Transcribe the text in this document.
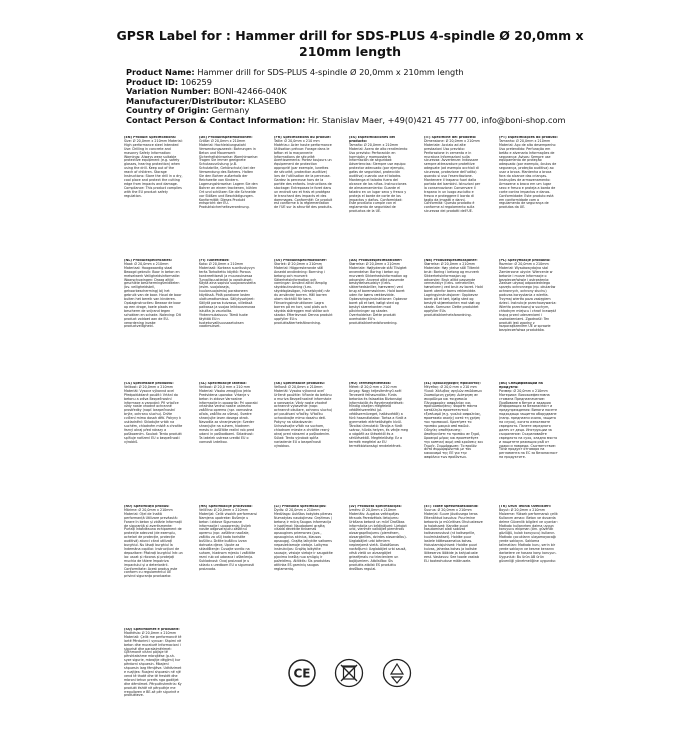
GPSR Label for : Hammer drill for SDS-PLUS 4-spindle Ø 20,0mm x 210mm length
Product Name: Hammer drill for SDS-PLUS 4-spindle Ø 20,0mm x 210mm length
Product ID: 106259
Variation Number: BONI-42466-040K
Manufacturer/Distributor: KLASEBO
Country of Origin: Germany
Contact Person & Contact Information: Hr. Stanislav Maer, +49(0)421 45 777 00, info@boni-shop.com
(EN) Product Specifications:
Size: Ø 20,0mm x 210mm Material: High performance steel Intended Use: Drilling in concrete and masonry Safety Information: Warnings: Always wear suitable protective equipment (e.g. safety glasses, hearing protection) when using the drill. Keep out of the reach of children. Storage Instructions: Store the drill in a dry, cool place and protect the cutting edge from impacts and damage. Compliance: This product complies with the EU product safety regulation.
(DE) Produktspezifikationen:
Größe: Ø 20,0mm x 210mm Material: Hochleistungsstahl Verwendungszweck: Bohrungen in Beton und Mauerwerk Sicherheitshinweise: Warnhinweise: Tragen Sie immer geeignete Schutzausrüstung (z.B. Schutzbrille, Gehörschutz) bei der Verwendung des Bohrers. Halten Sie den Bohrer außerhalb der Reichweite von Kindern. Lagerungshinweise: Lagern Sie den Bohrer an einem trockenen, kühlen Ort und schützen Sie die Schneide vor Stößen und Beschädigungen. Konformität: Dieses Produkt entspricht der EU-Produktsicherheitsverordnung.
(FR) Spécifications du produit:
Taille: Ø 20,0mm x 210 mm Matériau: Acier haute performance Utilisation prévue: Forage dans le béton et la maçonnerie Informations de sécurité: Avertissements: Portez toujours un équipement de protection approprié (par exemple, lunettes de sécurité, protection auditive) lors de l'utilisation de la perceuse. Gardez la perceuse hors de la portée des enfants. Instructions de stockage: Entreposez le foret dans un endroit sec et frais et protégez le tranchant des impacts et des dommages. Conformité: Ce produit est conforme à la réglementation de l'UE sur la sécurité des produits.
(ES) Especificaciones del producto:
Tamaño: Ø 20,0mm x 210mm Material: Acero de alto rendimiento Uso previsto: Perforación en hormigón y mampostería Información de seguridad: Advertencias: Siempre use equipo protector adecuado (por ejemplo, gafas de seguridad, protección auditiva) cuando use el taladro. Mantenga el taladro fuera del alcance de los niños. Instrucciones de almacenamiento: Guarde el taladro en un lugar seco y fresco y proteja el borde de corte de los impactos y daños. Conformidad: Este producto cumple con el reglamento de seguridad de productos de la UE.
(IT) Specifiche del prodotto:
Dimensione: Ø 20,0mm x 210mm Materiale: Acciaio ad alte prestazioni Uso previsto: Perforazione in cemento e in muratura Informazioni sulla sicurezza: Avvertenze: Indossare sempre attrezzature protettive adeguate (ad esempio occhiali di sicurezza, protezione dell'udito) quando si usa l'esercitazione. Mantenere il trapano fuori dalla portata dei bambini. Istruzioni per la conservazione: Conservare il trapano in un luogo asciutto e fresco e proteggere il bordo di taglio da impatti e danni. Conformità: Questo prodotto è conforme al regolamento sulla sicurezza dei prodotti dell'UE.
(PT) Especificações do produto:
Tamanho: Ø 20,0mm x 210mm Material: Aço de alto desempenho Uso pretendido: Perfuração em betão e alvenaria Informações de segurança: Avisos: Sempre use equipamento de proteção adequado (por exemplo, óculos de segurança, proteção auditiva) ao usar a broca. Mantenha a broca fora do alcance das crianças. Instruções de armazenamento: Armazene a broca em um lugar seco e fresco e proteja a borda de corte contra impactos e danos. Conformidade: Este produto está em conformidade com o regulamento de segurança de produtos da UE.
(NL) Productspecificaties:
Maat: Ø 20,0mm x 210mm Materiaal: Hoogwaardig staal Beoogd gebruik: Boor in beton en metselwerk Veiligheidsinformatie: Waarschuwingen: Draag altijd geschikte beschermingsmiddelen (bv. veiligheidsbril, gehoorbescherming) bij het gebruik van de boor. Houd de boor buiten het bereik van kinderen. Opslaginstructies: Bewaar de boor op een droge, koele plaats en bescherm de snijrand tegen schokken en schade. Naleving: Dit product voldoet aan de EU-verordening inzake productveiligheid.
(FI) Tuotetiedot:
Koko: Ø 20,0mm x 210mm Materiaali: Korkean suorituskyvyn teräs Tarkoitettu käyttö: Poraus konkreettisesti ja muurauksessa Turvallisuustiedot ja varoitukset: Käytä aina sopivia suojavarusteita (esim. suojalaseja, kuulonsuojaimia) porakoneen käytössä. Pidä porakone lasten ulottumattomissa. Säilytysohjeet: Säilytä poraa kuivassa, viileässä paikassa ja suojaa leikkausreunaa iskuilta ja vaurioilta. Yhdenmukaisuus: Tämä tuote täyttää EU:n tuoteturvallisuusasetuksen vaatimukset.
(SV) Produktspecifikationer:
Storlek: Ø 20,0mm x 210mm Material: Högpresterande stål Avsedd användning: Borrning i betong och murverk Säkerhetsinformation och varningar: Använd alltid lämplig skyddsutrustning (t.ex. skyddsglasögon, hörselskydd) när du använder borren. Håll borren utom räckhåll för barn. Förvaringsinstruktioner: Lagra borren på en torr, sval plats och skydda skäreggen mot stötar och skador. Efterlevnad: Denna produkt uppfyller EU:s produktsäkerhetsförordning.
(DA) Produktspecifikationer:
Størrelse: Ø 20,0mm x 210mm Materiale: Højtydende stål Tilsigtet anvendelse: Boring i beton og murværk Sikkerhedsinformation og advarsler: Anvend altid passende beskyttelsesudstyr (f.eks. sikkerhedsbriller, høreværn) ved brug af boremaskinen. Hold boret uden for børns rækkevidde. Opbevaringsinstruktioner: Opbevar boret på et tørt, køligt sted og beskyt skærekanten mod påvirkninger og skader. Overholdelse: Dette produkt overholder EU's produktsikkerhedsforordning.
(NB) Produktspesifikasjoner:
Størrelse: Ø 20,0mm x 210mm Materiale: Høy ytelse stål Tiltenkt bruk: Boring i betong og murverk Sikkerhetsinformasjon og advarsler: Bruk alltid passende verneutstyr (f.eks. vernebriller, hørselvern) ved bruk av boret. Hold boret utenfor barns rekkevidde. Lagringsinstruksjoner: Oppbevar boret på et tørt, kjølig sted og beskytt skjærekanten mot støt og skade. Samsvar: Dette produktet oppfyller EUs produktsikkerhetsforordning.
(PL) Specyfikacje produktu:
Rozmiar: Ø 20,0mm x 210mm Materiał: Wysokowydajna stal Zamierzone użycie: Wiercenie w betonie i murze Informacje o bezpieczeństwie i ostrzeżenia: Zawsze używaj odpowiedniego sprzętu ochronnego (np. okularów ochronnych, ochrony słuchu) podczas korzystania z wiertła. Trzymaj wiertło poza zasięgiem dzieci. Instrukcje przechowywania: Wiertło przechowuj w suchym, chłodnym miejscu i chroń krawędź tnącą przed uderzeniami i uszkodzeniami. Zgodność: Ten produkt jest zgodny z rozporządzeniem UE w sprawie bezpieczeństwa produktów.
(CS) Specifikace produktu:
Velikost: Ø 20,0mm x 210mm Materiál: Vysoce výkonná ocel Předpokládané použití: Vrtání do betonu a zdiva Bezpečnostní informace a varování: Při vrtačce vždy noste vhodné ochranné prostředky (např. bezpečnostní brýle, ochranu sluchu). Držte cvičení mimo dosah dětí. Pokyny k uskladnění: Skladujte vrták na suchém, chladném místě a chraňte řezný okraj před nárazy a poškozením. Soulad: Tento produkt splňuje nařízení EU o bezpečnosti výrobků.
(SL) Specifikacije izdelka:
Velikost: Ø 20,0 mm x 210 mm Material: Visoko zmogljivo jeklo Predvidena uporaba: Vrtanje v beton in zidove Varnostne informacije in opozorila: Pri uporabi vrtalnika vedno nosite ustrezno zaščitno opremo (npr. varnostna očala, zaščito za ušesa). Svedre shranjujte izven dosega otrok. Navodila za shranjevanje: Sveder shranjujte na suhem, hladnem mestu in zaščitite rezilni rob pred udarci in poškodbami. Skladnost: Ta izdelek ustreza uredbi EU o varnosti izdelkov.
(SK) Špecifikácie produktu:
Veľkosť: Ø 20,0mm x 210mm Materiál: Vysoko výkonná oceľ Určené použitie: Vŕtanie do betónu a muriva Bezpečnostné informácie a varovania: Vždy noste vhodné ochranné vybavenie (napr. ochranné okuliare, ochranu sluchu) pri používaní vŕtačky. Vŕtačku uchovávajte mimo dosahu detí. Pokyny na skladovanie: Uchovávajte vŕták na suchom, chladnom mieste a chráňte rezný okraj pred nárazmi a poškodením. Súlad: Tento výrobok spĺňa nariadenie EÚ o bezpečnosti výrobkov.
(HU) Termékjellemzők:
Méret: Ø 20,0 mm x 210 mm Anyag: Nagy teljesítményű acél Tervezett felhasználás: Fúrás betonba és falazatba Biztonsági információk és figyelmeztetések: Mindig viseljen megfelelő védőfelszerelést (pl. védőszemüveget, hallásvédőt) a fúró használatakor. Tartsa a fúrót a gyermekek elérhetőségén kívül. Tárolási útmutató: Tárolja a fúrót száraz, hűvös helyen, és védje meg a vágóélt az ütésektől és a sérülésektől. Megfelelőség: Ez a termék megfelel az EU termékbiztonsági rendeletének.
(EL) Προδιαγραφές προϊόντος:
Μέγεθος: Ø 20,0 mm x 210 mm Υλικό: Χάλυβας υψηλών επιδόσεων Σκοπούμενη χρήση: Διάτρηση σε σκυρόδεμα και τοιχοποιία Πληροφορίες ασφαλείας και προειδοποιήσεις: Φοράτε πάντα κατάλληλο προστατευτικό εξοπλισμό (π.χ. γυαλιά ασφαλείας, προστασία ακοής) κατά τη χρήση του τρυπανιού. Κρατήστε το τρυπάνι μακριά από παιδιά. Οδηγίες αποθήκευσης: Αποθηκεύστε το τρυπάνι σε ξηρό, δροσερό μέρος και προστατέψτε την κοπτική ακμή από κρούσεις και ζημιές. Συμμόρφωση: Το προϊόν αυτό συμμορφώνεται με τον κανονισμό της ΕΕ για την ασφάλεια των προϊόντων.
(BG) Спецификации на продукта:
Размер: Ø 20,0mm x 210mm Материал: Високоефективна стомана Предназначение: Пробиване в бетон и зидария Информация за безопасност и предупреждения: Винаги носете подходящо защитно оборудване (напр. предпазни очила, защита на слуха), когато използвате свредлото. Пазете свредлото далеч от деца. Инструкции за съхранение: Съхранявайте свредлото на сухо, хладно място и защитете режещия ръб от удари и повреди. Съответствие: Този продукт отговаря на регламента на ЕС за безопасност на продуктите.
(RO) Specificații produs:
Mărime: Ø 20,0mm x 210mm Material: Oțel de înaltă performanță Utilizare prevăzută: Forare în beton și zidărie Informații de siguranță și avertismente: Purtați întotdeauna echipament de protecție adecvat (de exemplu, ochelari de protecție, protecție auditivă) atunci când utilizați burghiul. Nu lăsați burghiul la îndemâna copiilor. Instrucțiuni de depozitare: Păstrați burghiul într-un loc uscat și răcoros și protejați muchia de tăiere împotriva impactului și a deteriorării. Conformitate: Acest produs este conform cu regulamentul UE privind siguranța produselor.
(HR) Specifikacije proizvoda:
Veličina: Ø 20,0mm x 210mm Materijal: Čelik visokih performansi Namjena upotrebe: Bušenje u beton i zidove Sigurnosne informacije i upozorenja: Uvijek nosite odgovarajuću zaštitnu opremu (npr. zaštitne naočale, zaštitu za uši) kada koristite bušilicu. Držite bušilicu izvan dohvata djece. Upute za skladištenje: Čuvajte svrdlo na suhom, hladnom mjestu i zaštitite rezni rub od udaraca i oštećenja. Sukladnost: Ovaj proizvod je u skladu s uredbom EU o sigurnosti proizvoda.
(LT) Produkto specifikacijos:
Dydis: Ø 20,0mm x 210mm Medžiaga: Aukštos kokybės plienas Numatytas naudojimas: Gręžimas į betoną ir mūrą Saugos informacija ir įspėjimai: Naudodami grąžtą visada dėvėkite tinkamas apsaugines priemones (pvz., apsauginius akinius, klausos apsaugą). Grąžtą laikykite vaikams nepasiekiamoje vietoje. Laikymo instrukcijos: Grąžtą laikykite sausoje, vėsioje vietoje ir saugokite pjovimo kraštą nuo smūgių ir pažeidimų. Atitiktis: Šis produktas atitinka ES gaminių saugos reglamentą.
(LV) Produkta specifikācijas:
Izmērs: Ø 20,0mm x 210mm Materiāls: Augstas veiktspējas tērauds Paredzētais lietojums: Urbšana betonā un mūrī Drošības informācija un brīdinājumi: Lietojot urbi, vienmēr valkājiet piemērotu aizsargaprīkojumu (piemēram, aizsargbrilles, dzirdes aizsardzību). Uzglabājiet urbi bērniem nepieejamā vietā. Glabāšanas norādījumi: Uzglabājiet urbi sausā, vēsā vietā un aizsargājiet griezējmalu no triecieniem un bojājumiem. Atbilstība: Šis produkts atbilst ES produktu drošības regulai.
(ET) Toote spetsifikatsioonid:
Suurus: Ø 20,0mm x 210mm Materjal: Suure jõudlusega teras Ettenähtud kasutus: Puurimine betoonis ja müüritises Ohutusteave ja hoiatused: Kandke puuri kasutamisel alati sobivat kaitsevarustust (nt kaitseprille, kuulmiskaitset). Hoidke puur lastele kättesaamatus kohas. Hoiustamisjuhised: Hoidke puuri kuivas, jahedas kohas ja kaitske lõikeserva löökide ja kahjustuste eest. Vastavus: See toode vastab ELi tooteohutuse määrusele.
(TR) Ürün Teknik Özellikleri:
Boyut: Ø 20,0mm x 210mm Malzeme: Yüksek performanslı çelik Kullanım amacı: Beton ve duvarda delme Güvenlik bilgileri ve uyarılar: Matkabı kullanırken daima uygun koruyucu ekipman (örn. güvenlik gözlüğü, kulak koruyucu) kullanın. Matkabı çocukların ulaşamayacağı yerde saklayın. Saklama talimatları: Matkabı kuru, serin bir yerde saklayın ve kesme kenarını darbelere ve hasara karşı koruyun. Uygunluk: Bu ürün AB ürün güvenliği yönetmeliğine uygundur.
(SQ) Specifikimet e produktit:
Madhësia: Ø 20,0mm x 210mm Materiali: Çelik me performancë të lartë Përdorimi i synuar: Shpimi në beton dhe muraturë Informacioni i sigurisë dhe paralajmërimet: Gjithmonë vishni pajisje të përshtatshme mbrojtëse (p.sh. syze sigurie, mbrojtje dëgjimi) kur përdorni shpuesin. Mbajeni shpuesin larg fëmijëve. Udhëzimet e ruajtjes: Ruajeni shpuesin në një vend të thatë dhe të freskët dhe mbroni tehun prerës nga goditjet dhe dëmtimet. Përputhshmëria: Ky produkt është në përputhje me rregulloren e BE-së për sigurinë e produkteve.
CE
